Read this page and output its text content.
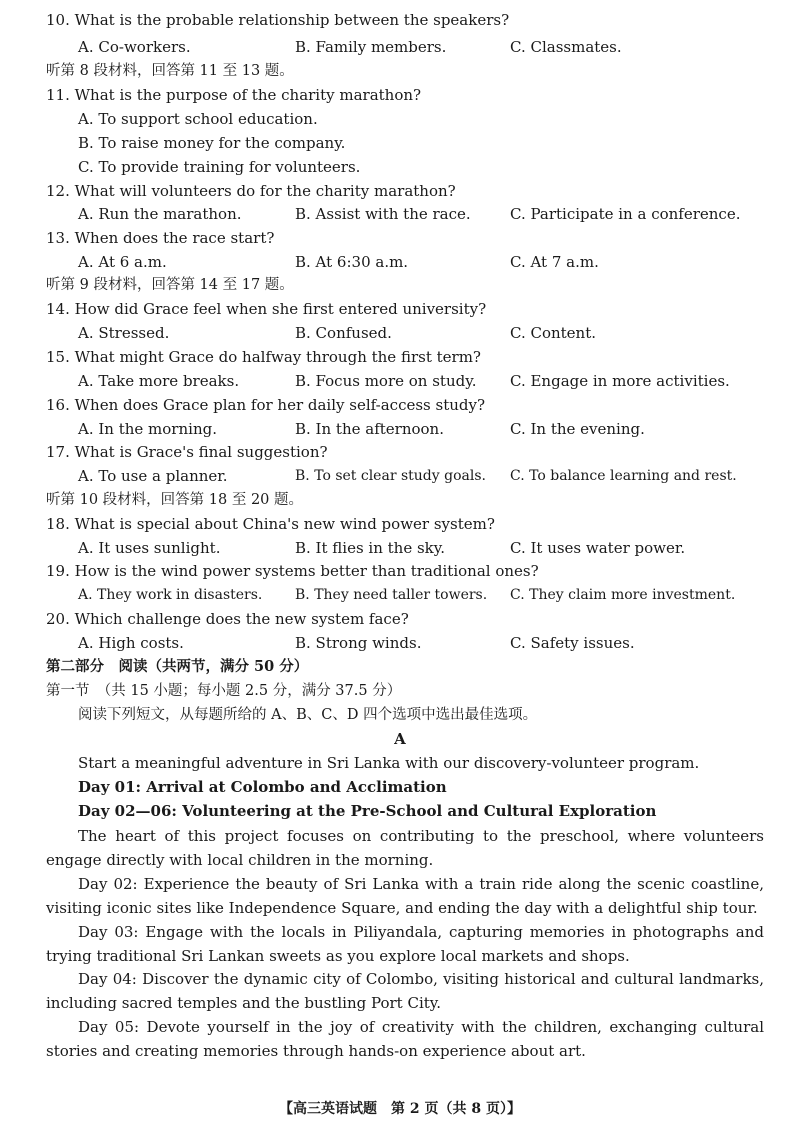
10. What is the probable relationship between the speakers?
A. Co-workers.	B. Family members.	C. Classmates.
听第 8 段材料，回答第 11 至 13 题。
11. What is the purpose of the charity marathon?
A. To support school education.
B. To raise money for the company.
C. To provide training for volunteers.
12. What will volunteers do for the charity marathon?
A. Run the marathon.	B. Assist with the race.	C. Participate in a conference.
13. When does the race start?
A. At 6 a.m.	B. At 6:30 a.m.	C. At 7 a.m.
听第 9 段材料，回答第 14 至 17 题。
14. How did Grace feel when she first entered university?
A. Stressed.	B. Confused.	C. Content.
15. What might Grace do halfway through the first term?
A. Take more breaks.	B. Focus more on study. C. Engage in more activities.
16. When does Grace plan for her daily self-access study?
A. In the morning.	B. In the afternoon.	C. In the evening.
17. What is Grace's final suggestion?
A. To use a planner.	B. To set clear study goals. C. To balance learning and rest.
听第 10 段材料，回答第 18 至 20 题。
18. What is special about China's new wind power system?
A. It uses sunlight.	B. It flies in the sky.	C. It uses water power.
19. How is the wind power systems better than traditional ones?
A. They work in disasters. B. They need taller towers. C. They claim more investment.
20. Which challenge does the new system face?
A. High costs.	B. Strong winds.	C. Safety issues.
第二部分　阅读（共两节，满分 50 分）
第一节　（共 15 小题；每小题 2.5 分，满分 37.5 分）
阅读下列短文，从每题所给的 A、B、C、D 四个选项中选出最佳选项。
A
Start a meaningful adventure in Sri Lanka with our discovery-volunteer program.
Day 01: Arrival at Colombo and Acclimation
Day 02—06: Volunteering at the Pre-School and Cultural Exploration
The heart of this project focuses on contributing to the preschool, where volunteers engage directly with local children in the morning.
Day 02: Experience the beauty of Sri Lanka with a train ride along the scenic coastline, visiting iconic sites like Independence Square, and ending the day with a delightful ship tour.
Day 03: Engage with the locals in Piliyandala, capturing memories in photographs and trying traditional Sri Lankan sweets as you explore local markets and shops.
Day 04: Discover the dynamic city of Colombo, visiting historical and cultural landmarks, including sacred temples and the bustling Port City.
Day 05: Devote yourself in the joy of creativity with the children, exchanging cultural stories and creating memories through hands-on experience about art.
【高三英语试题　第 2 页（共 8 页）】
